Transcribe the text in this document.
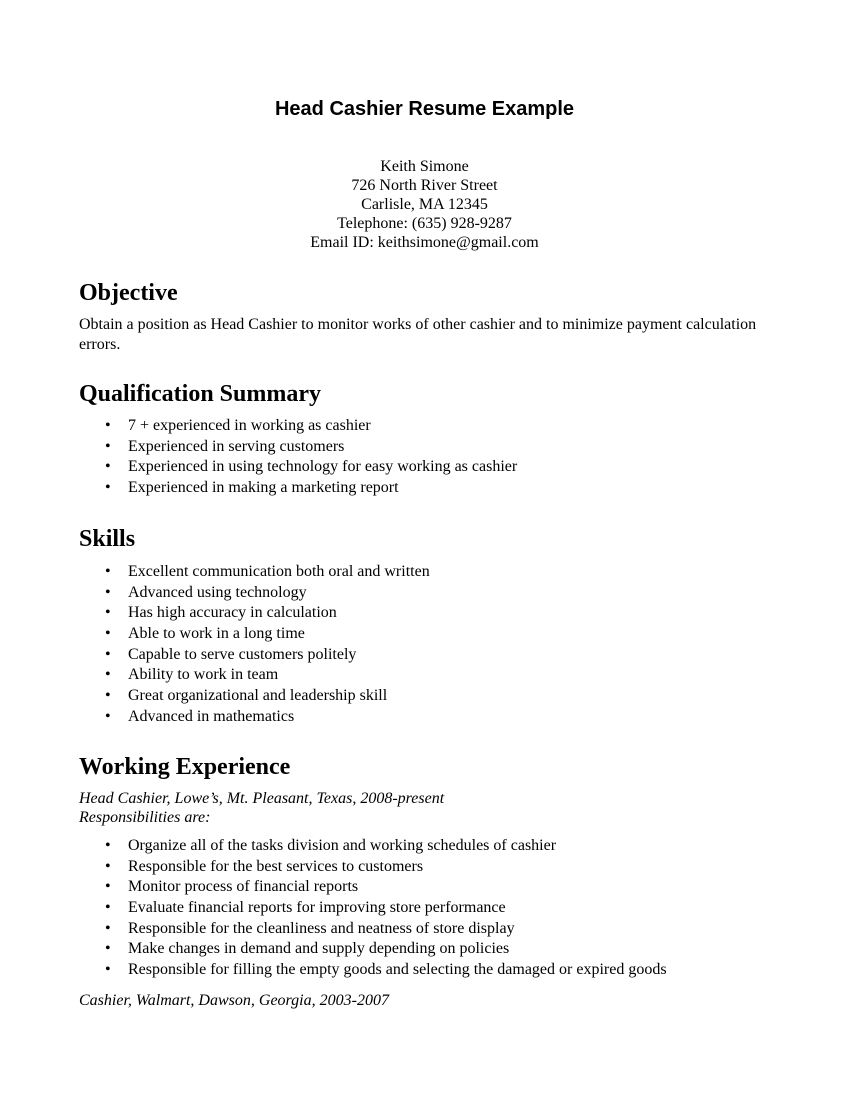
Head Cashier Resume Example
Keith Simone
726 North River Street
Carlisle, MA 12345
Telephone: (635) 928-9287
Email ID: keithsimone@gmail.com
Objective

Obtain a position as Head Cashier to monitor works of other cashier and to minimize payment calculation errors.

Qualification Summary
• 7 + experienced in working as cashier
• Experienced in serving customers
• Experienced in using technology for easy working as cashier
• Experienced in making a marketing report
Skills
• Excellent communication both oral and written
• Advanced using technology
• Has high accuracy in calculation
• Able to work in a long time
• Capable to serve customers politely
• Ability to work in team
• Great organizational and leadership skill
• Advanced in mathematics
Working Experience

Head Cashier, Lowe’s, Mt. Pleasant, Texas, 2008-present

Responsibilities are:

• Organize all of the tasks division and working schedules of cashier
• Responsible for the best services to customers
• Monitor process of financial reports
• Evaluate financial reports for improving store performance
• Responsible for the cleanliness and neatness of store display
• Make changes in demand and supply depending on policies
• Responsible for filling the empty goods and selecting the damaged or expired goods

Cashier, Walmart, Dawson, Georgia, 2003-2007
